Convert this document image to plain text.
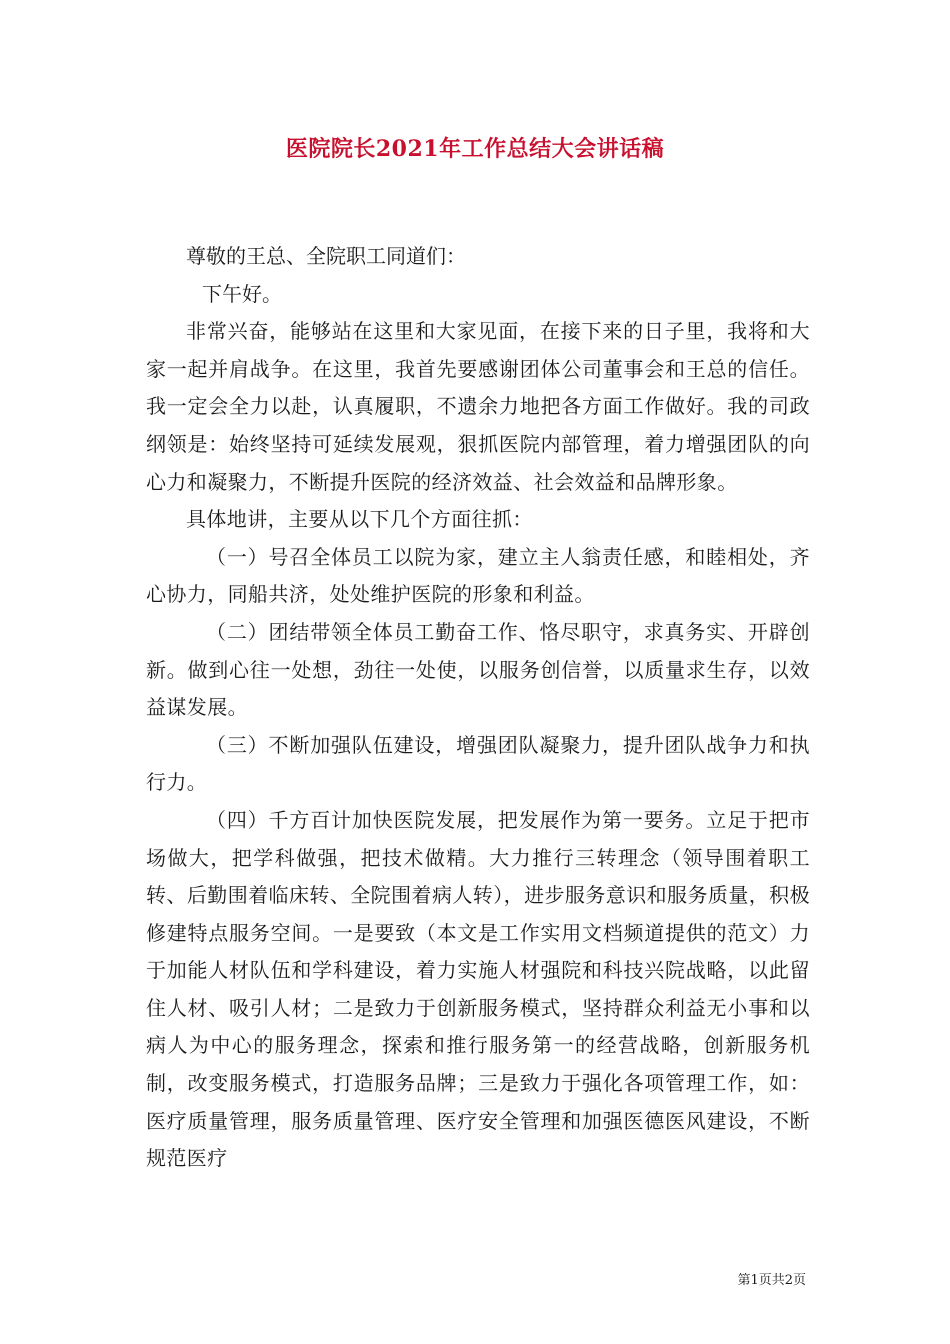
医院院长2021年工作总结大会讲话稿

尊敬的王总、全院职工同道们：

下午好。

非常兴奋，能够站在这里和大家见面，在接下来的日子里，我将和大家一起并肩战争。在这里，我首先要感谢团体公司董事会和王总的信任。我一定会全力以赴，认真履职，不遗余力地把各方面工作做好。我的司政纲领是：始终坚持可延续发展观，狠抓医院内部管理，着力增强团队的向心力和凝聚力，不断提升医院的经济效益、社会效益和品牌形象。

具体地讲，主要从以下几个方面往抓：

（一）号召全体员工以院为家，建立主人翁责任感，和睦相处，齐心协力，同船共济，处处维护医院的形象和利益。

（二）团结带领全体员工勤奋工作、恪尽职守，求真务实、开辟创新。做到心往一处想，劲往一处使，以服务创信誉，以质量求生存，以效益谋发展。

（三）不断加强队伍建设，增强团队凝聚力，提升团队战争力和执行力。

（四）千方百计加快医院发展，把发展作为第一要务。立足于把市场做大，把学科做强，把技术做精。大力推行三转理念（领导围着职工转、后勤围着临床转、全院围着病人转），进步服务意识和服务质量，积极修建特点服务空间。一是要致（本文是工作实用文档频道提供的范文）力于加能人材队伍和学科建设，着力实施人材强院和科技兴院战略，以此留住人材、吸引人材；二是致力于创新服务模式，坚持群众利益无小事和以病人为中心的服务理念，探索和推行服务第一的经营战略，创新服务机制，改变服务模式，打造服务品牌；三是致力于强化各项管理工作，如：医疗质量管理，服务质量管理、医疗安全管理和加强医德医风建设，不断规范医疗

第1页共2页
